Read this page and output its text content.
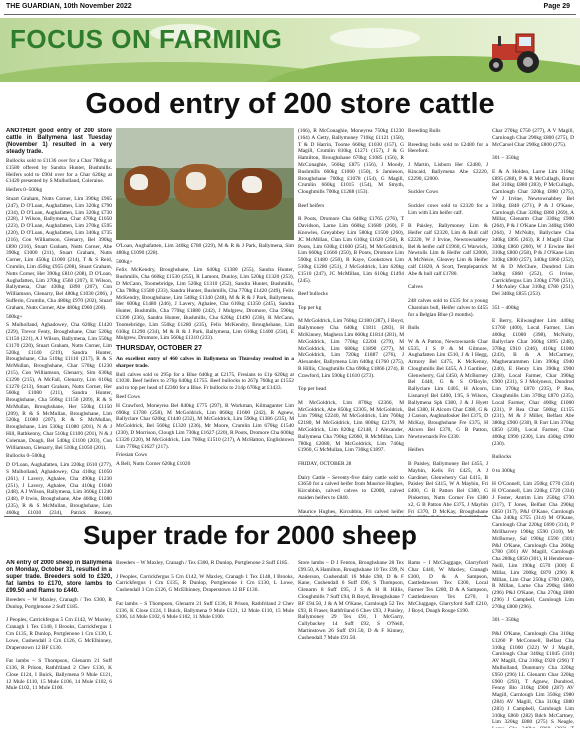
THE GUARDIAN, 10th November 2022	Page 29
FOCUS ON FARMING
Good entry of 200 store cattle

ANOTHER good entry of 200 store cattle in Ballymena last Tuesday (November 1) resulted in a very steady trade.

Bullocks sold to £1136 over for a Char 780kg at £1580 offered by Sandra Hunter, Bushmills. Heifers sold to £904 over for a Char 620kg at £1420 presented by S Mulholland, Coleraine.

Heifers 0–500kg

Stuart Graham, Nutts Corner, Lim 390kg £965 (247), D O'Loan, Aughafatten, Lim 320kg £790 (234), D O'Loan, Aughafatten, Lim 320kg £730 (228), J Wilson, Ballymena, Char 470kg £1050 (223), D O'Loan, Aughafatten, Lim 270kg £595 (220), D O'Loan, Aughafatten, Lim 340kg £735 (216), Con Williamson, Glenarry, Bel 390kg £890 (216), Stuart Graham, Nutts Corner, Abe 390kg £1000 (211), Stuart Graham, Nutts Corner, Lim 450kg £1000 (214), T & S Reid, Crumlin, Lim 450kg £955 (208), Stuart Graham, Nutts Corner, Her 390kg £810 (208), D O'Loan, Aughafatten, Lim 270kg £560 (207), E Wilson, Ballymena, Char 430kg £890 (207), Con Williamson, Glenarry, Bel 480kg £1030 (206), J Sufferin, Crumlin, Cha 480kg £970 (202), Stuart Graham, Nutts Corner, Abe 480kg £960 (200).

500kg+

S Mulholland, Aghadowey, Cha 620kg £1420 (229), Trevor Fenty, Broughshane, Char 520kg £1150 (221), A J Wilson, Ballymena, Lim 550kg £1170 (220), Stuart Graham, Nutts Corner, Lim 520kg £1140 (219), Sandra Hunter, Broughshane, Cha 510kg £1110 (217), R & S McMullan, Broughshane, Char 570kg £1230 (215), Con Williamson, Glenarry, Sim 630kg £1290 (215), A McFall, Glenarry, Lim 610kg £1270 (213), Stuart Graham, Nutts Corner, Her 560kg £1080 (211), Sandra Hunter, Broughshane, Cha 560kg £1150 (209), R & S McMullan, Broughshane, Her 550kg £1150 (209), R & S McMullan, Broughshane, Lim 520kg £1080 (207), R & S McMullan, Broughshane, Lim 530kg £1080 (201), N & J Hill, Rathkenny, Char 510kg £1100 (201), N & J Coleman, Doagh, Bel 540kg £1100 (203), Con Williamson, Glenarry, Bel 510kg £1050 (201).

Bullocks 0–500kg

D O'Loan, Aughafatten, Lim 220kg £610 (277), S Mulholland, Aghadowey, Cha 410kg £1050 (261), J Lavery, Aghalee, Cha 490kg £1230 (251), J Lavery, Aghalee, Cha 410kg £1040 (248), A J Wilson, Ballymena, Lim 360kg £1240 (248), P Irwin, Broughshane, Abe 460kg £1080 (235), R & S McMullan, Broughshane, Lim 460kg £1030 (234), Patrick Rooney,

O'Loan, Aughafatten, Lim 340kg £780 (229), M & R & J Park, Ballymena, Sim 480kg £1090 (228).

500kg+

Felix McKendry, Broughshane, Lim 640kg £1380 (255), Sandra Hunter, Bushmills, Cha 660kg £1530 (255), R Lamont, Dunloy, Lim 520kg £1320 (253), D McCann, Toomebridge, Lim 520kg £1310 (252), Sandra Hunter, Bushmills, Cha 780kg £1580 (233), Sandra Hunter, Bushmills, Cha 770kg £1420 (249), Felix McKendry, Broughshane, Lim 540kg £1340 (248), M & R & J Park, Ballymena, Her 600kg £1480 (246), J Lavery, Aghalee, Cha 610kg £1350 (245), Sandra Hunter, Bushmills, Cha 770kg £1880 (242), J Mulgrew, Dromore, Cha 590kg £1390 (236), Sandra Hunter, Bushmills, Cha 620kg £1490 (236), R McCann, Toomebridge, Lim 550kg £1280 (235), Felix McKendry, Broughshane, Lim 610kg £1290 (234), M & R & J Park, Ballymena, Lim 610kg £1400 (234), E Mulgrew, Dromore, Lim 560kg £1310 (233).

THURSDAY, OCTOBER 27

An excellent entry of 460 calves in Ballymena on Thursday resulted in a sharper trade.

Bull calves sold to 295p for a Blue 640kg at £2175, Fresians to £1p 620kg at £1030. Beef heifers to 276p 640kg £1755. Beef bullocks to 267p 760kg at £1552 and to top per head of £2360 for a Blue. Fr bullocks to 214p 670kg at £1433.

Beef Cows

H Crawford, Moneyrea Bel 840kg £775 (297), R Workman, Kilmaganter Lim 690kg £1780 (258), M McGoldrick, Lim 860kg £1600 (242), R Agnew, Ballyclare Char 620kg £1440 (232), M McGoldrick, Lim 590kg £1386 (235), M McGoldrick, Bel 560kg £1320 (236), Mr Moore, Crumlin Lim 670kg £1540 (230), D Morrison, Clough Lim 730kg £1627 (220), R Poots, Dromore Cha 600kg £1320 (220), M McGoldrick, Lim 760kg £1510 (217), A McHatton, Englishtown Lim 770kg £1627 (217).

Friesian Cows

A Bell, Nutts Corner 620kg £1020

(166), R McConaghie, Moneyrea 750kg £1230 (164) A Getty, Ballymoney 710kg £1121 (158), T & D Harrin, Toome 660kg £1030 (157), G Magill, Crumlin 810kg £1271 (157), J & G Hamilton, Broughshane 670kg £1085 (156), R McConaghie, 560kg £875 (156), J Moody, Bushmills 660kg £1060 (150), S Jamieson, Broughshane 700kg £1078 (154), G Magill, Crumlin 660kg £1015 (154), M Smyth, Cloughmills 700kg £1288 (153).

Beef heifers

R Poots, Dromore Cha 640kg £1765 (276), T Davidson, Larne Lim 660kg £1680 (260), F Knowles, Greyabbey Lim 580kg £1500 (260), JC McMillan, Clan Lim 610kg £1620 (250), R Poots, Lim 630kg £1600 (254), M McGoldrick, Lim 660kg £1660 (250), B Poots, Dromore Lim 590kg £1480 (250), R Kaye, Cookstown Lim 510kg £1280 (251), J McGoldrick, Lim 620kg £1510 (247), JC McMillan, Lim 610kg £1494 (245).

Beef bullocks

Top per kg

M McGoldrick, Lim 760kg £2180 (287), J Boyd, Ballymoney Cha 640kg £1811 (283), H McKinney, Maghera Lim 660kg £1814 (281), M McGoldrick, Lim 770kg £2204 (279), M McGoldrick, Lim 680kg £1890 (277), M McGoldrick, Lim 720kg £1887 (276), J Alexander, Ballymena Lim 640kg £1760 (275), R Hillis, Cloughmills Cha 690kg £1866 (274), B Crawford, Lim 590kg £1610 (273).

Top per head

M McGoldrick, Lim 870kg £2366, M McGoldrick, Abe 850kg £2305, M McGoldrick, Lim 790kg £2240, M McGoldrick, Lim 760kg £2180, M McGoldrick, Lim 800kg £2179, M McGoldrick, Lim 820kg £2148, J Alexander, Ballymena Cha 790kg £2060, R McMillan, Lim 780kg £2080, M McGoldrick, Lim 740kg £1960, G McMullan, Lim 730kg £1897.

FRIDAY, OCTOBER 28

Dairy Cattle – Seventy-five dairy cattle sold to £3650 for a calved heifer from Maurice Hughes, Kircubbin, calved calves to £2000, calved maiden heifers to £840.

Maurice Hughes, Kircubbin, Fri calved heifer
Breeding Bulls

Breeding bulls sold to £2480 for a Hereford.

J Martin, Lisburn Her £2480, J Kincaid, Ballymena Abe £2220, £2290, £2000.

Suckler Cows

Suckler cows sold to £2320 for a Lim with Lim heifer calf.

B Paisley, Ballymoney Lim & Heifer calf £2320, Lim & Bull calf £2220, W J Irvine, Newtownabbey Bel & heifer calf £1960, G Warwick, Newtolls Lim & Heifer calf £2000, A McNeice, Gleavey Lim & Heifer calf £1820, A Scott, Templepatrick Abe & bull calf £1780.

Calves

248 calves sold to £535 for a young Charolais bull, Heifer calves to £455 for a Belgian Blue (3 months).

Bulls

W & A Patton, Newtownards Char £535, J S P & M Gilmore, Aughafatten Lim £510, J & I Hegg, Armory Bel £475, K McKenny, Cloughmills Bel £455, A J Gardiner, Glenwherry, Gal £450, A McBurney Bel £440, G & S O'Boyle, Ballyclare Lim £405, H Alcorn, Lisnaroyl Bel £400, I.95, S Wilson, Ballymena Sph £380, J & J Hyett Bel £380, H Alcorn Char £380, G & J Carson, Aughnafosker Bel £375, D McKay, Broughshane Fre £375, H Alcorn Bel £370, G B Patton, Newtownards Fre £330.

Heifers

B Paisley, Ballymoney Bel £455, J Maybin, Kells Fri £425, A J Gardiner, Glenwherry Gal £415, B Paisley Bel £415, W A Maybin, Fri £400, G B Patton Bel £380, G Pinkerton, Nutts Corner Fre £380 x2, G B Patton Abe £375, J Maybin Fri £370, D McKay, Broughshane

Char 270kg £750 (277), A V Magill, Carnlough Char 290kg £800 (275), D McCarsel Char 290kg £800 (275).

301 – 350kg

E & A Holden, Larne Lim 310kg £895 (288), P & R McCullagh, Burnt Bel 310kg £880 (283), P McCullagh, Carnlough Char 320kg £880 (275), W J Irvine, Newtownabbey Bel 310kg £840 (271), P & J O'Kane, Carnlough Char 320kg £860 (269), A Millar, Glenarm Char 330kg £900 (264), P & J O'Kane Lim 340kg £900 (264), J McNulty, Ballyclare Cha 340kg £895 (263), R J Magill Char 330kg £860 (260), W J Erwine Bel 310kg £800 (258), P & J O'Kane Lim 310kg £800 (257), 340kg £860 (252), M & D McClure, Dundrod Lim 340kg £860 (252), G Irvine, Carrickfergus Lim 330kg £790 (251), J McAuley Char 310kg £780 (251), Del 340kg £855 (253).

351 – 400kg

E Berry, Kilwaughter Lim 440kg £1760 (400), Local Farmer, Lim 400kg £1080 (398), McNulty, Ballyclare Char 360kg £895 (248), 370kg £910 (246), 410kg £1000 (243), B & A McCartney, Magherarammen Lim 390kg £940 (240), E Henry Lim 390kg £900 (238), Local Farmer, Char 390kg £900 (231), S J Molyneux, Dundrod Lim 370kg £870 (235), P Rea, Cloughmills Lim 370kg £870 (235), Local Farmer, Char 400kg £1000 (231), P Rea Char 500kg £1155 (231), M & J Miller, Belfast Abe 380kg £900 (230), R Farr Lim 370kg £850 (230), Local Farmer, Char 400kg £990 (230), Lim 430kg £990 (230).

Bullocks

0 to 300kg

H O'Connell, Lim 250kg £770 (334) H O'Connell, Lim 220kg £720 (334) J Foster, Antrim Lim 250kg £730 (317), T Jones, Belfast Cha 290kg £850 (317), P&J O'Kane, Carnlough Cha 240kg £755 (314) M O'Kane, Carnlough Char 220kg £690 (314), P McIlharvey 190kg £590 (310), Mr McBurney, Sal 190kg £590 (301) P&J O'Kane, Carnlough Cha 260kg £780 (301) AV Magill, Carnlough Cha 280kg £850 (301), H Henderson-Neill, Lim 190kg £570 (300) E Millar, Lim 200kg £870 (290) R Millan, Lim Char 250kg £700 (280), R Millan, Larne Cha 290kg £860 (296) P&J O'Kane, Cha 270kg £800 (296) J Campbell, Carnlough Lim 270kg £800 (296).

301 – 350kg

P&J O'Kane, Carnlough Cha 310kg £1260 P McConnell, Belfast Cha 310kg £1000 (322) W J Magill, Carnlough Char 340kg £1045 (310) AV Magill, Cha 310kg £920 (296) T Mulholland, Dunmurry Cha 320kg £950 (296) I.L Glenarm Char 320kg £900 (293), T Agnew, Dundrod, Fenny Blo 310kg £900 (287) AV Magill, Carnlough Lim 350kg £980 (284) AV Magill, Cha 310kg £880 (283) J Campbell, Carnlough Lim 310kg £860 (282) Bdch McCartney, Lim 320kg £880 (275) S Neagle,

Super trade for 2000 sheep

AN entry of 2000 sheep in Ballymena on Monday, October 31, resulted in a super trade. Breeders sold to £320, fat lambs to £170, store lambs to £99.50 and Rams to £440.

Breeders – W Maxley, Cranagh / Tex £300, R Dunlop, Portglenone 2 Suff £185.

J Peoples, Carrickfergus 5 Crn £142, W Maxley, Cranagh 1 Tex £148, I Brooks, Carrickfergus 1 Crn £135, R Dunlop, Portglenone 1 Crn £130, L Lowe, Cushendall 3 Crn £126, G McElhinney, Draperstown 12 BF £130.

Fat lambs – S Thompson, Glenarm 21 Suff £136, R Prison, Rathfriland 2 Chev £136, K Close £124, I Buick, Ballymena 9 Mule £121, 12 Mule £110, 15 Mule £106, 14 Mule £102, 6 Mule £102, 11 Mule £100.

Breeders – W Maxley, Cranagh / Tex £300, R Dunlop, Portglenone 2 Suff £185.

J Peoples, Carrickfergus 5 Crn £142, W Maxley, Cranagh 1 Tex £148, I Brooks, Carrickfergus 1 Crn £135, R Dunlop, Portglenone 1 Crn £130, L Lowe, Cushendall 3 Crn £126, G McElhinney, Draperstown 12 BF £130.

Fat lambs – S Thompson, Glenarm 21 Suff £136, R Prison, Rathfriland 2 Chev £136, K Close £124, I Buick, Ballymena 9 Mule £121, 12 Mule £110, 15 Mule £106, 14 Mule £102, 6 Mule £102, 11 Mule £100.
Store lambs – D J Fenton, Broughshane 28 Tex £99.50, A Hamilton, Broughshane 10 Tex £99, N Anderson, Cushendall 16 Mule £98, D & F Kane, Cushendall 6 Suff £96, S Thompson, Glenarm 8 Suff £95, J S & H R Hillis, Cloughmills 7 Suff £94, R Boyd, Broughshane 7 BF £94.50, J & A M O'Kane, Carnlough 52 Tex £93, R Fraser, Rathfriland 6 Chev £93, J Paisley, Ballymoney 29 Tex £91, I McGarry, Cullybackey 14 Suff £92, S O'Neill, Martinstown 26 Suff £91.50, D & F Kinney, Cushendall 7 Mule £91.50.
Rams – I McCluggage, Glarryford Char £440, W Maxley, Cranagh £300, D & A Sampson, Castledawson Tex £300, Local Farmer Tex £280, D & A Sampson, Castledawson Tex £270, I McCluggage, Glarryford Suff £210, J Boyd, Doagh Rouge £190.
